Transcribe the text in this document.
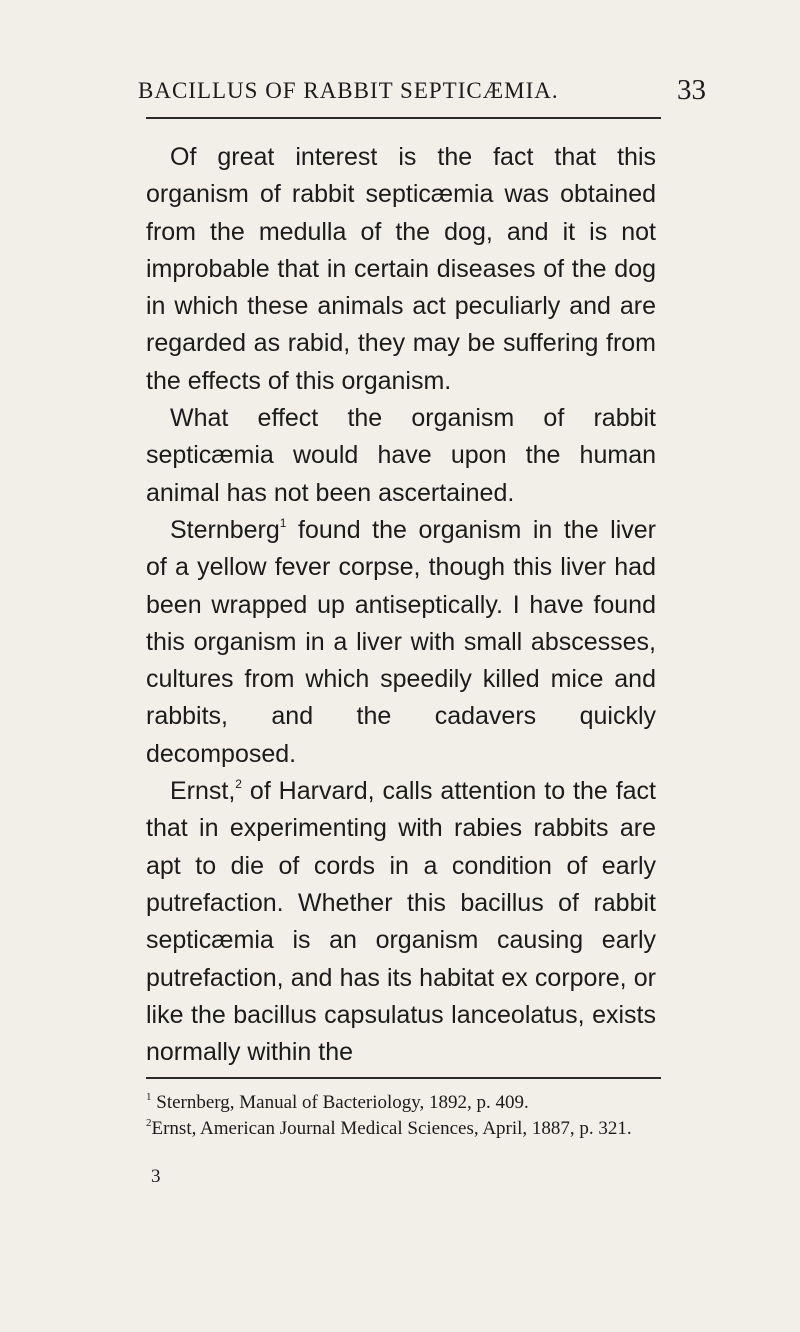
BACILLUS OF RABBIT SEPTICÆMIA.	33

Of great interest is the fact that this organism of rabbit septicæmia was obtained from the medulla of the dog, and it is not improbable that in certain diseases of the dog in which these animals act peculiarly and are regarded as rabid, they may be suffering from the effects of this organism.

What effect the organism of rabbit septicæmia would have upon the human animal has not been ascertained.

Sternberg$^1$ found the organism in the liver of a yellow fever corpse, though this liver had been wrapped up antiseptically. I have found this organism in a liver with small abscesses, cultures from which speedily killed mice and rabbits, and the cadavers quickly decomposed.

Ernst,$^2$ of Harvard, calls attention to the fact that in experimenting with rabies rabbits are apt to die of cords in a condition of early putrefaction. Whether this bacillus of rabbit septicæmia is an organism causing early putrefaction, and has its habitat ex corpore, or like the bacillus capsulatus lanceolatus, exists normally within the

$^1$ Sternberg, Manual of Bacteriology, 1892, p. 409.

$^2$Ernst, American Journal Medical Sciences, April, 1887, p. 321.

3
